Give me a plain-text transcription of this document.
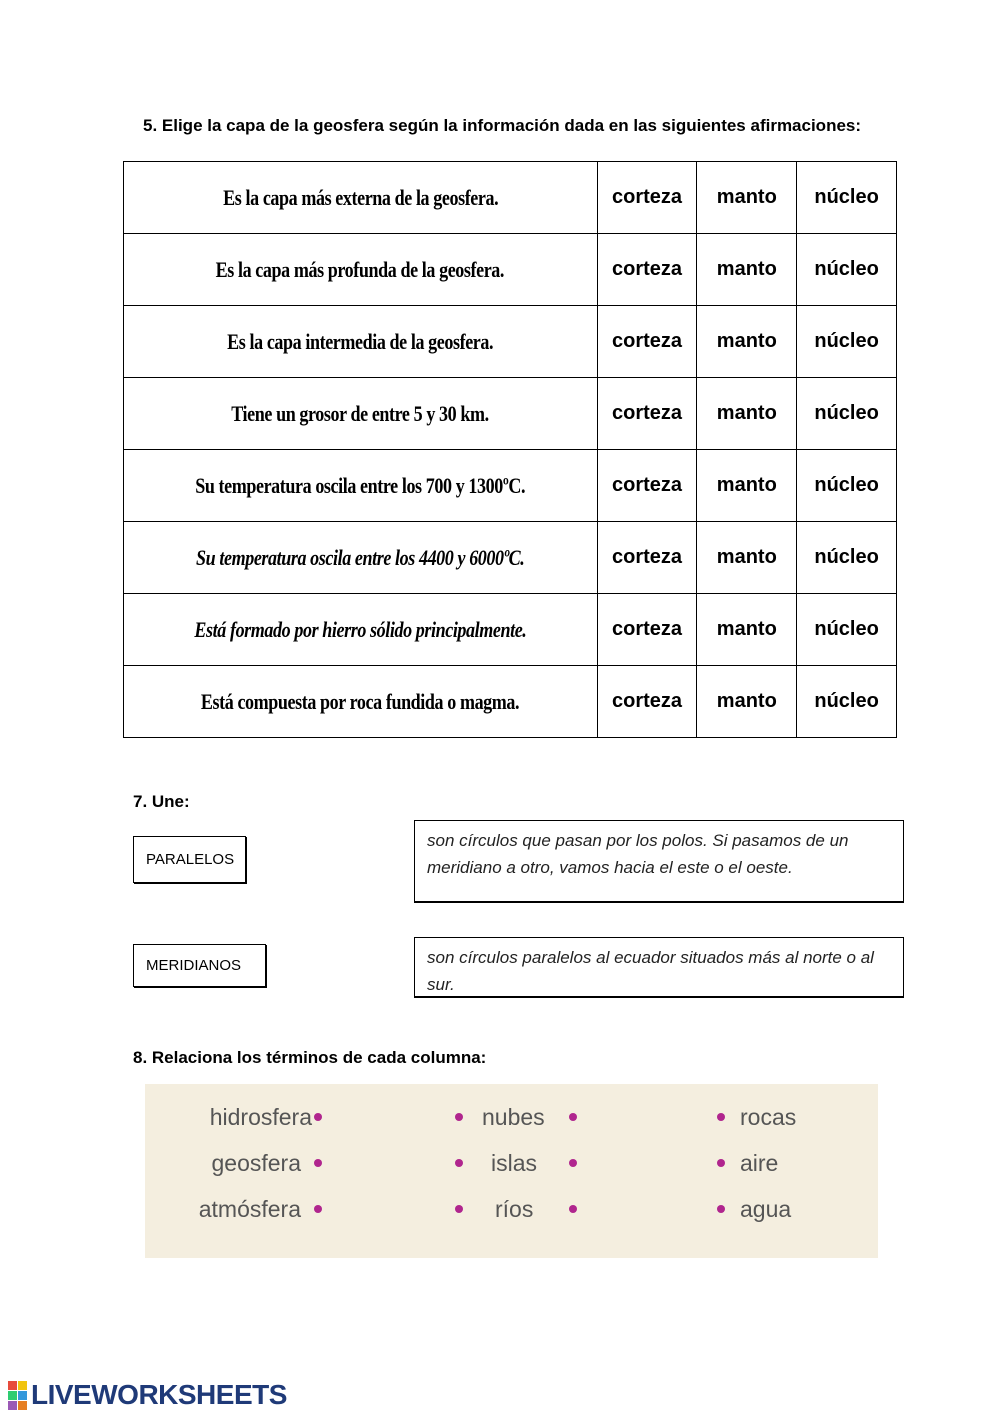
5. Elige la capa de la geosfera según la información dada en las siguientes afirmaciones:
Es la capa más externa de la geosfera.	corteza	manto	núcleo
Es la capa más profunda de la geosfera.	corteza	manto	núcleo
Es la capa intermedia de la geosfera.	corteza	manto	núcleo
Tiene un grosor de entre 5 y 30 km.	corteza	manto	núcleo
Su temperatura oscila entre los 700 y 1300ºC.	corteza	manto	núcleo
Su temperatura oscila entre los 4400 y 6000ºC.	corteza	manto	núcleo
Está formado por hierro sólido principalmente.	corteza	manto	núcleo
Está compuesta por roca fundida o magma.	corteza	manto	núcleo
7. Une:
PARALELOS
MERIDIANOS
son círculos que pasan por los polos. Si pasamos de un meridiano a otro, vamos hacia el este o el oeste.
son círculos paralelos al ecuador situados más al norte o al sur.
8. Relaciona los términos de cada columna:
hidrosfera
geosfera
atmósfera
nubes
islas
ríos
rocas
aire
agua
LIVEWORKSHEETS
